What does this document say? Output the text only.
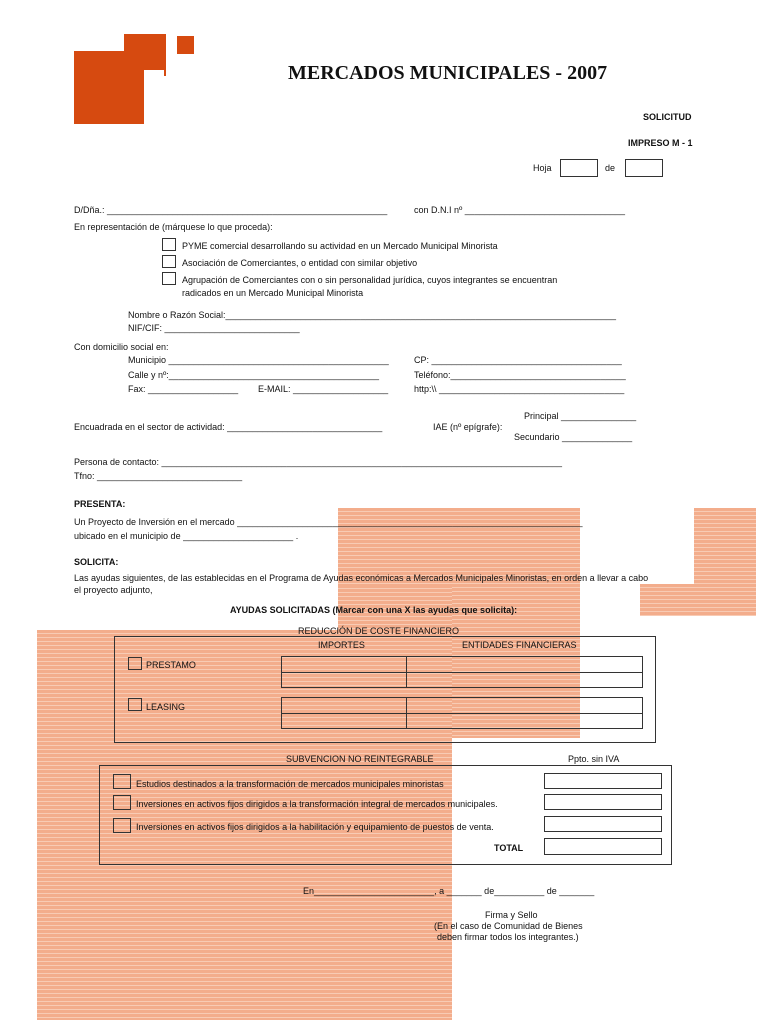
MERCADOS MUNICIPALES - 2007
SOLICITUD
IMPRESO M - 1
Hoja	de
D/Dña.: ________________________________________________________	con D.N.I nº ________________________________
En representación de (márquese lo que proceda):
PYME comercial desarrollando su actividad en un Mercado Municipal Minorista
Asociación de Comerciantes, o entidad con similar objetivo
Agrupación de Comerciantes con o sin personalidad jurídica, cuyos integrantes se encuentran
radicados en un Mercado Municipal Minorista
Nombre o Razón Social:______________________________________________________________________________
NIF/CIF: ___________________________
Con domicilio social en:
Municipio ____________________________________________	CP: ______________________________________
Calle y nº:__________________________________________	Teléfono:___________________________________
Fax: __________________ E-MAIL: ___________________	http:\\ _____________________________________
Principal _______________
Encuadrada en el sector de actividad: _______________________________	IAE (nº epígrafe):
Secundario ______________
Persona de contacto: ________________________________________________________________________________
Tfno: _____________________________
PRESENTA:
Un Proyecto de Inversión en el mercado _____________________________________________________________________
ubicado en el municipio de ______________________ .
SOLICITA:
Las ayudas siguientes, de las establecidas en el Programa de Ayudas económicas a Mercados Municipales Minoristas, en orden a llevar a cabo
el proyecto adjunto,
AYUDAS SOLICITADAS (Marcar con una X las ayudas que solicita):
REDUCCIÓN DE COSTE FINANCIERO
IMPORTES	ENTIDADES FINANCIERAS
PRESTAMO
LEASING
SUBVENCION NO REINTEGRABLE	Ppto. sin IVA
Estudios destinados a la transformación de mercados municipales minoristas
Inversiones en activos fijos dirigidos a la transformación integral de mercados municipales.
Inversiones en activos fijos dirigidos a la habilitación y equipamiento de puestos de venta.
TOTAL
En________________________, a _______ de__________ de _______
Firma y Sello
(En el caso de Comunidad de Bienes
deben firmar todos los integrantes.)
